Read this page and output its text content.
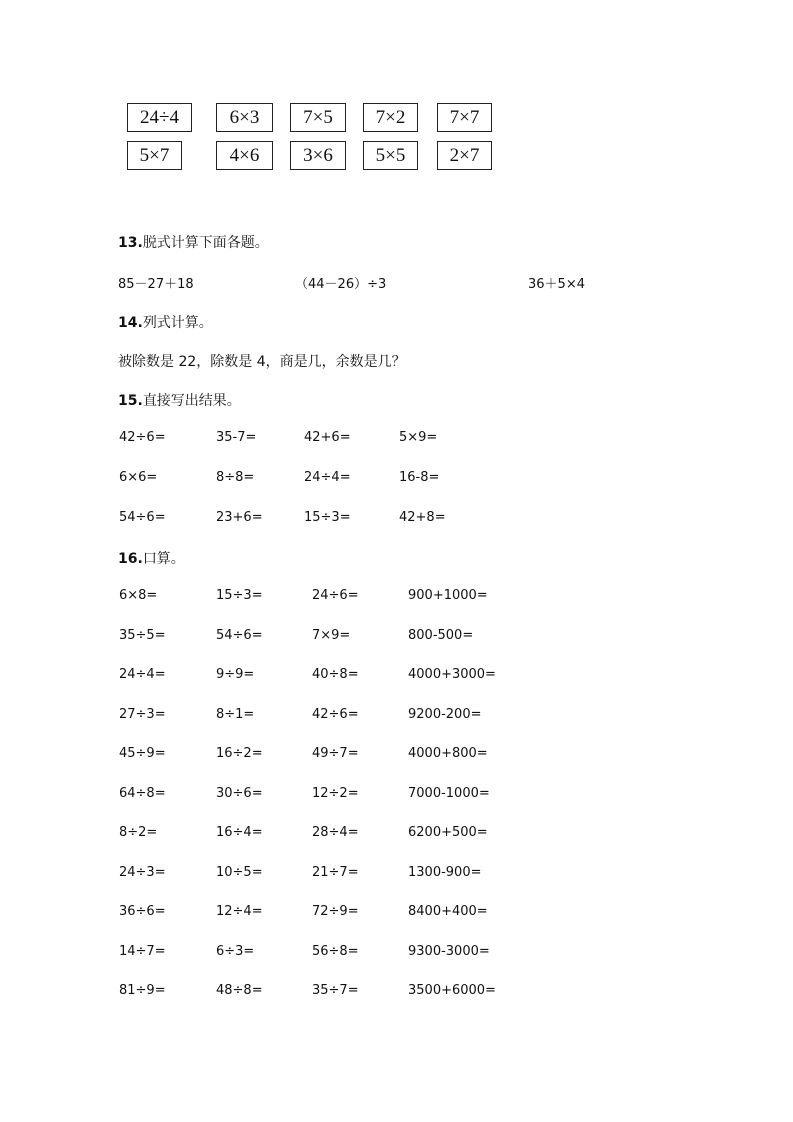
24÷4	6×3	7×5	7×2	7×7
5×7	4×6	3×6	5×5	2×7
13.脱式计算下面各题。
85－27＋18	（44－26）÷3	36＋5×4
14.列式计算。
被除数是 22，除数是 4，商是几，余数是几？
15.直接写出结果。
42÷6=	35-7=	42+6=	5×9=
6×6=	8÷8=	24÷4=	16-8=
54÷6=	23+6=	15÷3=	42+8=
16.口算。
6×8=	15÷3=	24÷6=	900+1000=
35÷5=	54÷6=	7×9=	800-500=
24÷4=	9÷9=	40÷8=	4000+3000=
27÷3=	8÷1=	42÷6=	9200-200=
45÷9=	16÷2=	49÷7=	4000+800=
64÷8=	30÷6=	12÷2=	7000-1000=
8÷2=	16÷4=	28÷4=	6200+500=
24÷3=	10÷5=	21÷7=	1300-900=
36÷6=	12÷4=	72÷9=	8400+400=
14÷7=	6÷3=	56÷8=	9300-3000=
81÷9=	48÷8=	35÷7=	3500+6000=
